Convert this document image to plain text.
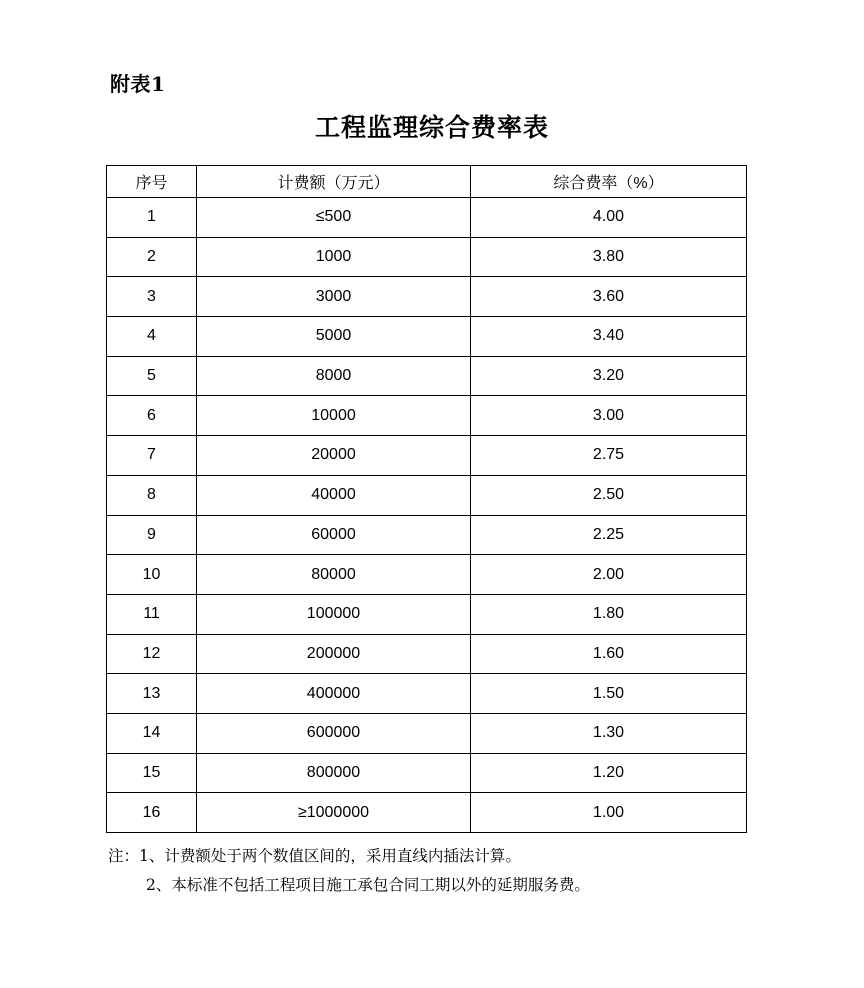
附表1
工程监理综合费率表
序号	计费额（万元）	综合费率（%）
1	≤500	4.00
2	1000	3.80
3	3000	3.60
4	5000	3.40
5	8000	3.20
6	10000	3.00
7	20000	2.75
8	40000	2.50
9	60000	2.25
10	80000	2.00
11	100000	1.80
12	200000	1.60
13	400000	1.50
14	600000	1.30
15	800000	1.20
16	≥1000000	1.00
注：1、计费额处于两个数值区间的，采用直线内插法计算。
2、本标准不包括工程项目施工承包合同工期以外的延期服务费。
